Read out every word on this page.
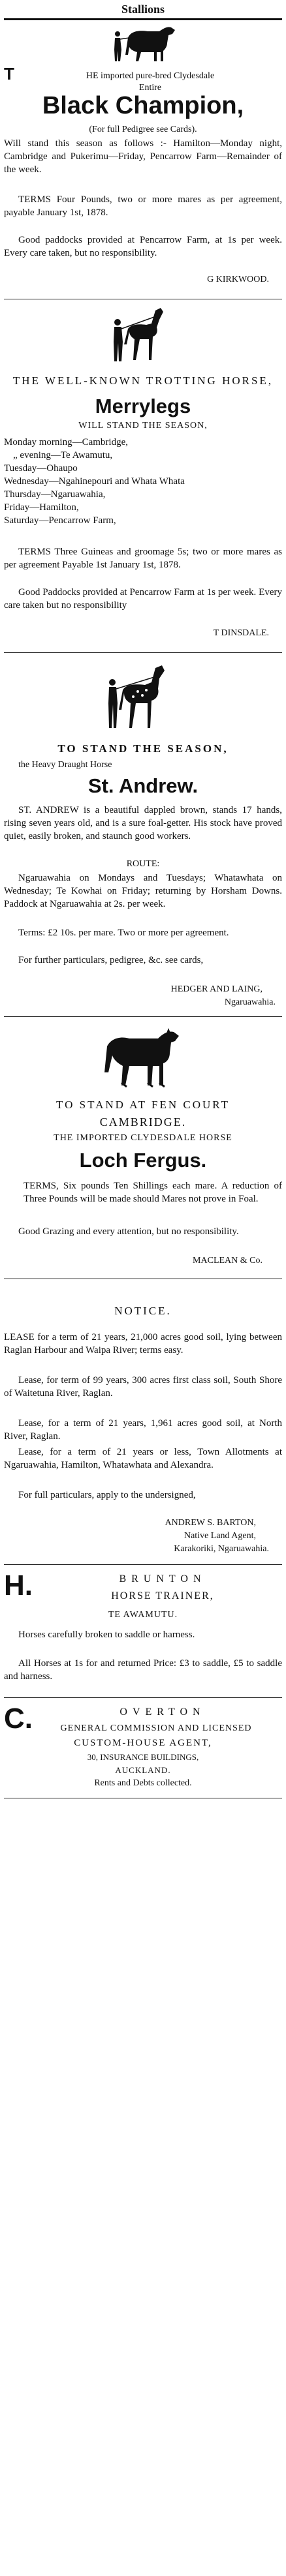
Stallions
T	HE imported pure-bred Clydesdale
Entire
Black Champion,
(For full Pedigree see Cards).
Will stand this season as follows :- Hamilton—Monday night, Cambridge and Pukerimu—Friday, Pencarrow Farm—Remainder of the week.
TERMS Four Pounds, two or more mares as per agreement, payable January 1st, 1878.
Good paddocks provided at Pencarrow Farm, at 1s per week. Every care taken, but no responsibility.
G KIRKWOOD.
THE WELL-KNOWN TROTTING HORSE,
Merrylegs
WILL STAND THE SEASON,
Monday morning—Cambridge,
„ evening—Te Awamutu,
Tuesday—Ohaupo
Wednesday—Ngahinepouri and Whata Whata
Thursday—Ngaruawahia,
Friday—Hamilton,
Saturday—Pencarrow Farm,
TERMS Three Guineas and groomage 5s; two or more mares as per agreement Payable 1st January 1st, 1878.
Good Paddocks provided at Pencarrow Farm at 1s per week. Every care taken but no responsibility
T DINSDALE.
TO STAND THE SEASON,
the Heavy Draught Horse
St. Andrew.
ST. ANDREW is a beautiful dappled brown, stands 17 hands, rising seven years old, and is a sure foal-getter. His stock have proved quiet, easily broken, and staunch good workers.
ROUTE:
Ngaruawahia on Mondays and Tuesdays; Whatawhata on Wednesday; Te Kowhai on Friday; returning by Horsham Downs. Paddock at Ngaruawahia at 2s. per week.
Terms: £2 10s. per mare. Two or more per agreement.
For further particulars, pedigree, &c. see cards,
HEDGER AND LAING,
Ngaruawahia.
TO STAND AT FEN COURT
CAMBRIDGE.
THE IMPORTED CLYDESDALE HORSE
Loch Fergus.
TERMS, Six pounds Ten Shillings each mare. A reduction of Three Pounds will be made should Mares not prove in Foal.
Good Grazing and every attention, but no responsibility.
MACLEAN & Co.
NOTICE.
LEASE for a term of 21 years, 21,000 acres good soil, lying between Raglan Harbour and Waipa River; terms easy.
Lease, for term of 99 years, 300 acres first class soil, South Shore of Waitetuna River, Raglan.
Lease, for a term of 21 years, 1,961 acres good soil, at North River, Raglan.
Lease, for a term of 21 years or less, Town Allotments at Ngaruawahia, Hamilton, Whatawhata and Alexandra.
For full particulars, apply to the undersigned,
ANDREW S. BARTON,
Native Land Agent,
Karakoriki, Ngaruawahia.
H.	BRUNTON
HORSE TRAINER,
TE AWAMUTU.
Horses carefully broken to saddle or harness.
All Horses at 1s for and returned Price: £3 to saddle, £5 to saddle and harness.
C.	OVERTON
GENERAL COMMISSION AND LICENSED
CUSTOM-HOUSE AGENT,
30, INSURANCE BUILDINGS,
AUCKLAND.
Rents and Debts collected.
